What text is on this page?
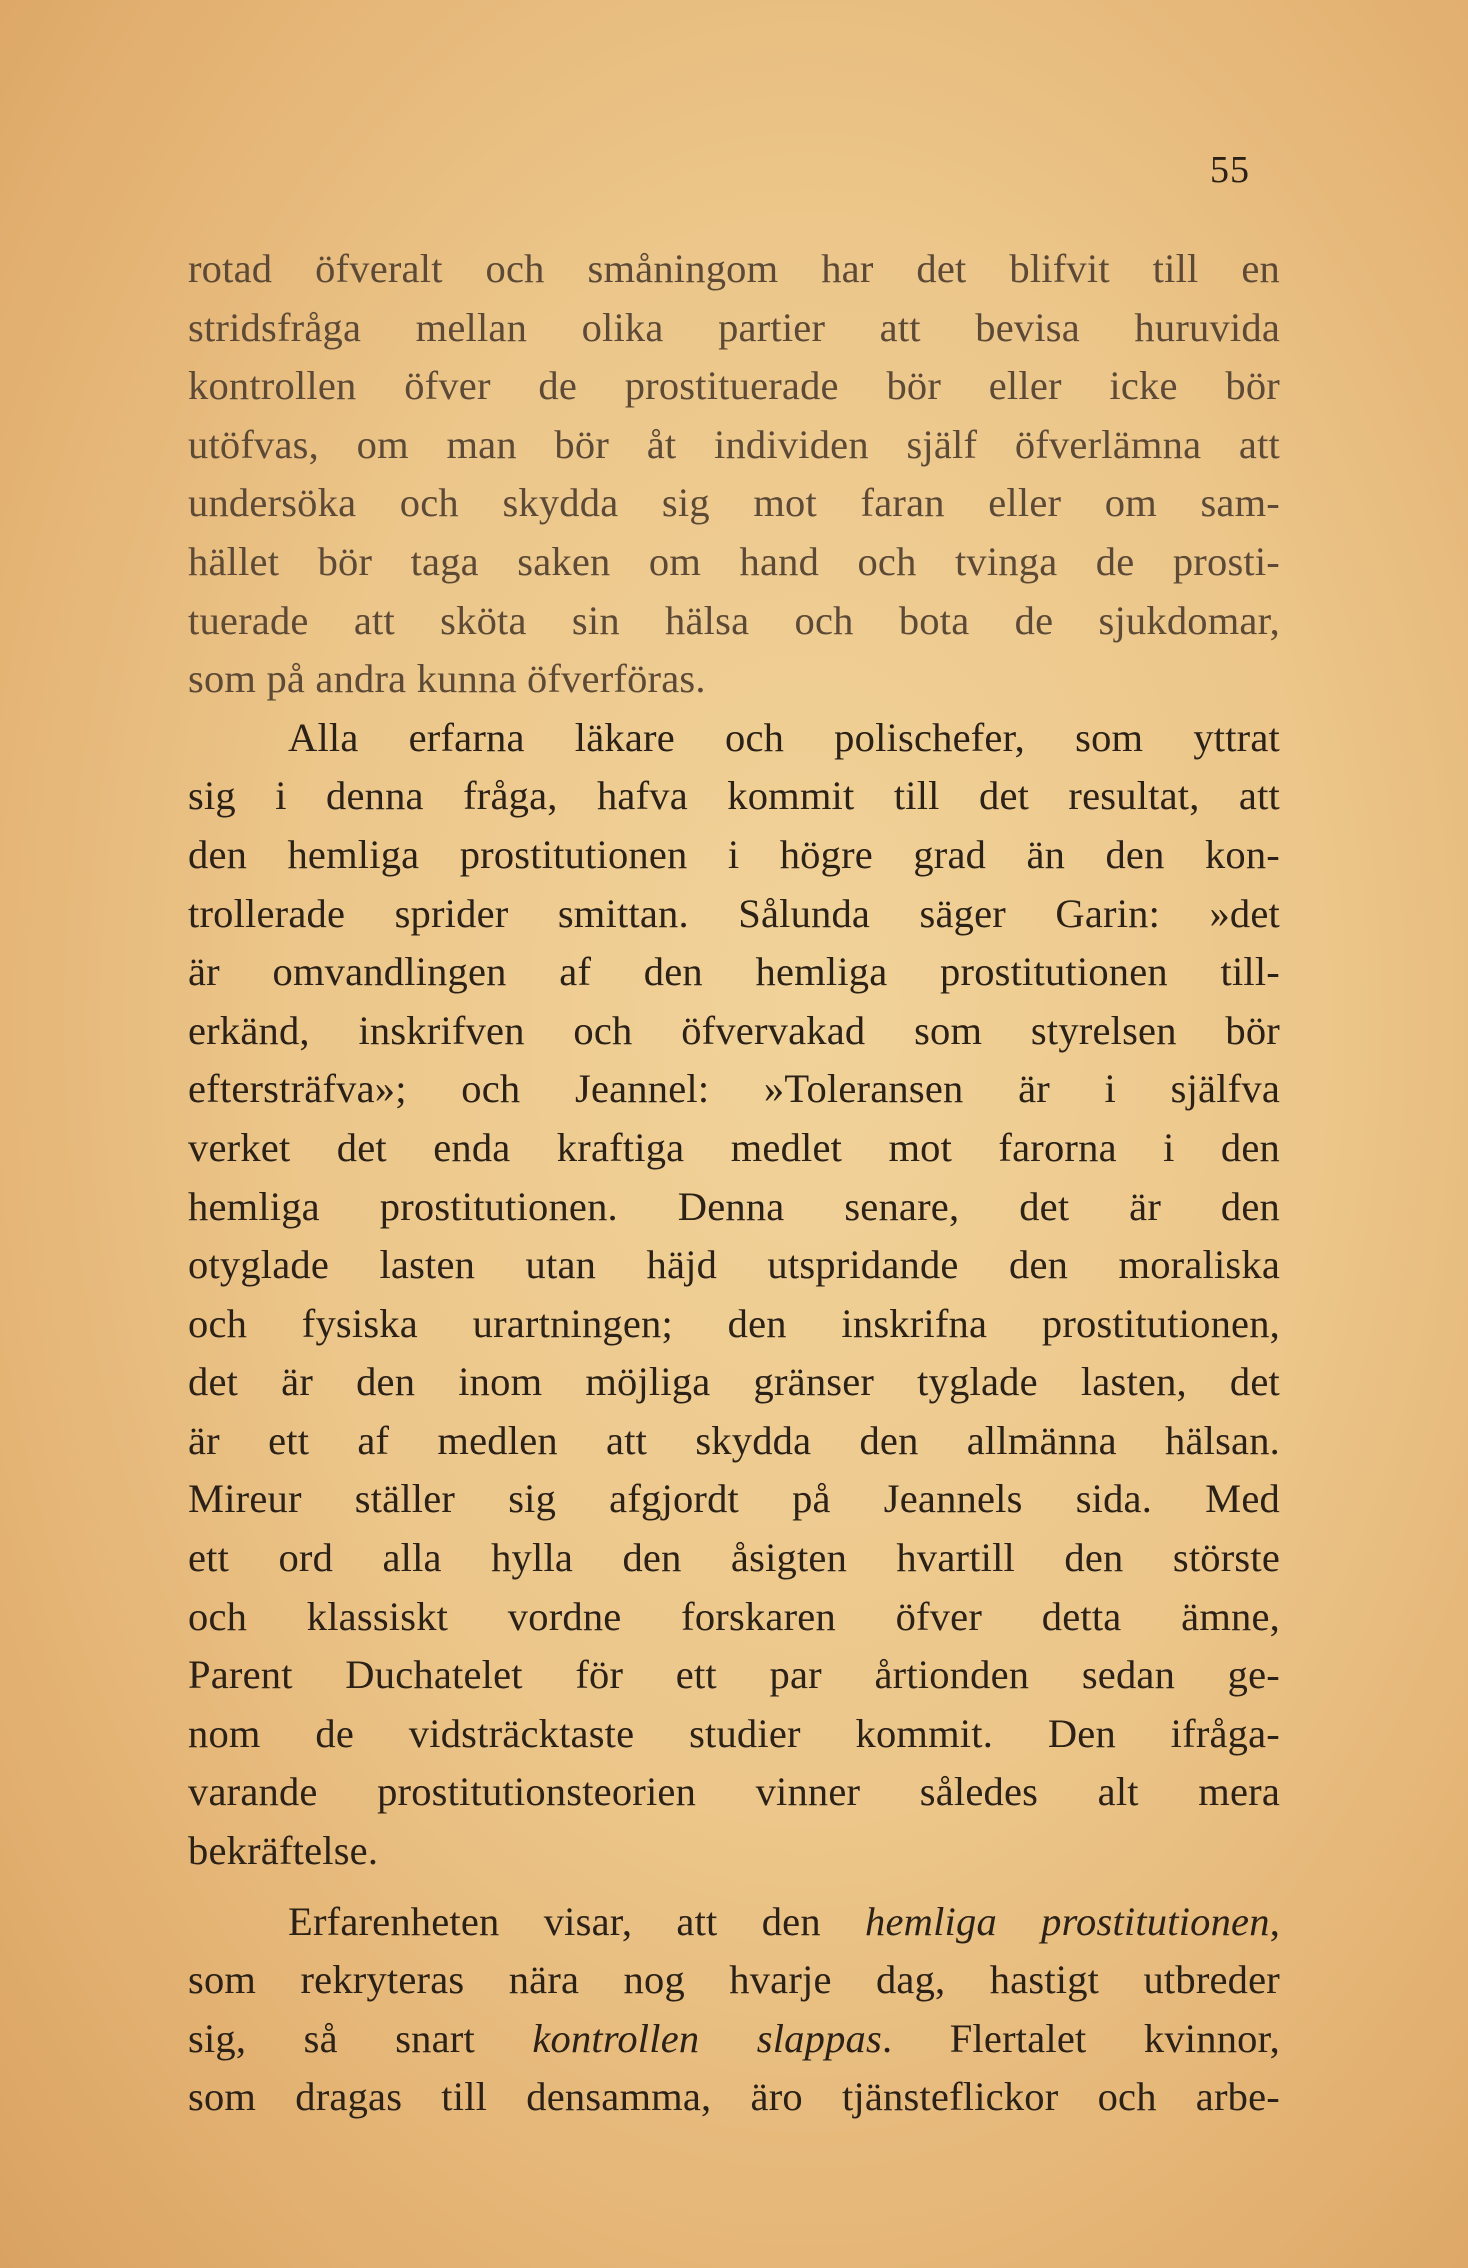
55
rotad öfveralt och småningom har det blifvit till en
stridsfråga mellan olika partier att bevisa huruvida
kontrollen öfver de prostituerade bör eller icke bör
utöfvas, om man bör åt individen själf öfverlämna att
undersöka och skydda sig mot faran eller om sam-
hället bör taga saken om hand och tvinga de prosti-
tuerade att sköta sin hälsa och bota de sjukdomar,
som på andra kunna öfverföras.
Alla erfarna läkare och polischefer, som yttrat
sig i denna fråga, hafva kommit till det resultat, att
den hemliga prostitutionen i högre grad än den kon-
trollerade sprider smittan. Sålunda säger Garin: »det
är omvandlingen af den hemliga prostitutionen till-
erkänd, inskrifven och öfvervakad som styrelsen bör
eftersträfva»; och Jeannel: »Toleransen är i själfva
verket det enda kraftiga medlet mot farorna i den
hemliga prostitutionen. Denna senare, det är den
otyglade lasten utan häjd utspridande den moraliska
och fysiska urartningen; den inskrifna prostitutionen,
det är den inom möjliga gränser tyglade lasten, det
är ett af medlen att skydda den allmänna hälsan.
Mireur ställer sig afgjordt på Jeannels sida. Med
ett ord alla hylla den åsigten hvartill den störste
och klassiskt vordne forskaren öfver detta ämne,
Parent Duchatelet för ett par årtionden sedan ge-
nom de vidsträcktaste studier kommit. Den ifråga-
varande prostitutionsteorien vinner således alt mera
bekräftelse.
Erfarenheten visar, att den hemliga prostitutionen,
som rekryteras nära nog hvarje dag, hastigt utbreder
sig, så snart kontrollen slappas. Flertalet kvinnor,
som dragas till densamma, äro tjänsteflickor och arbe-
